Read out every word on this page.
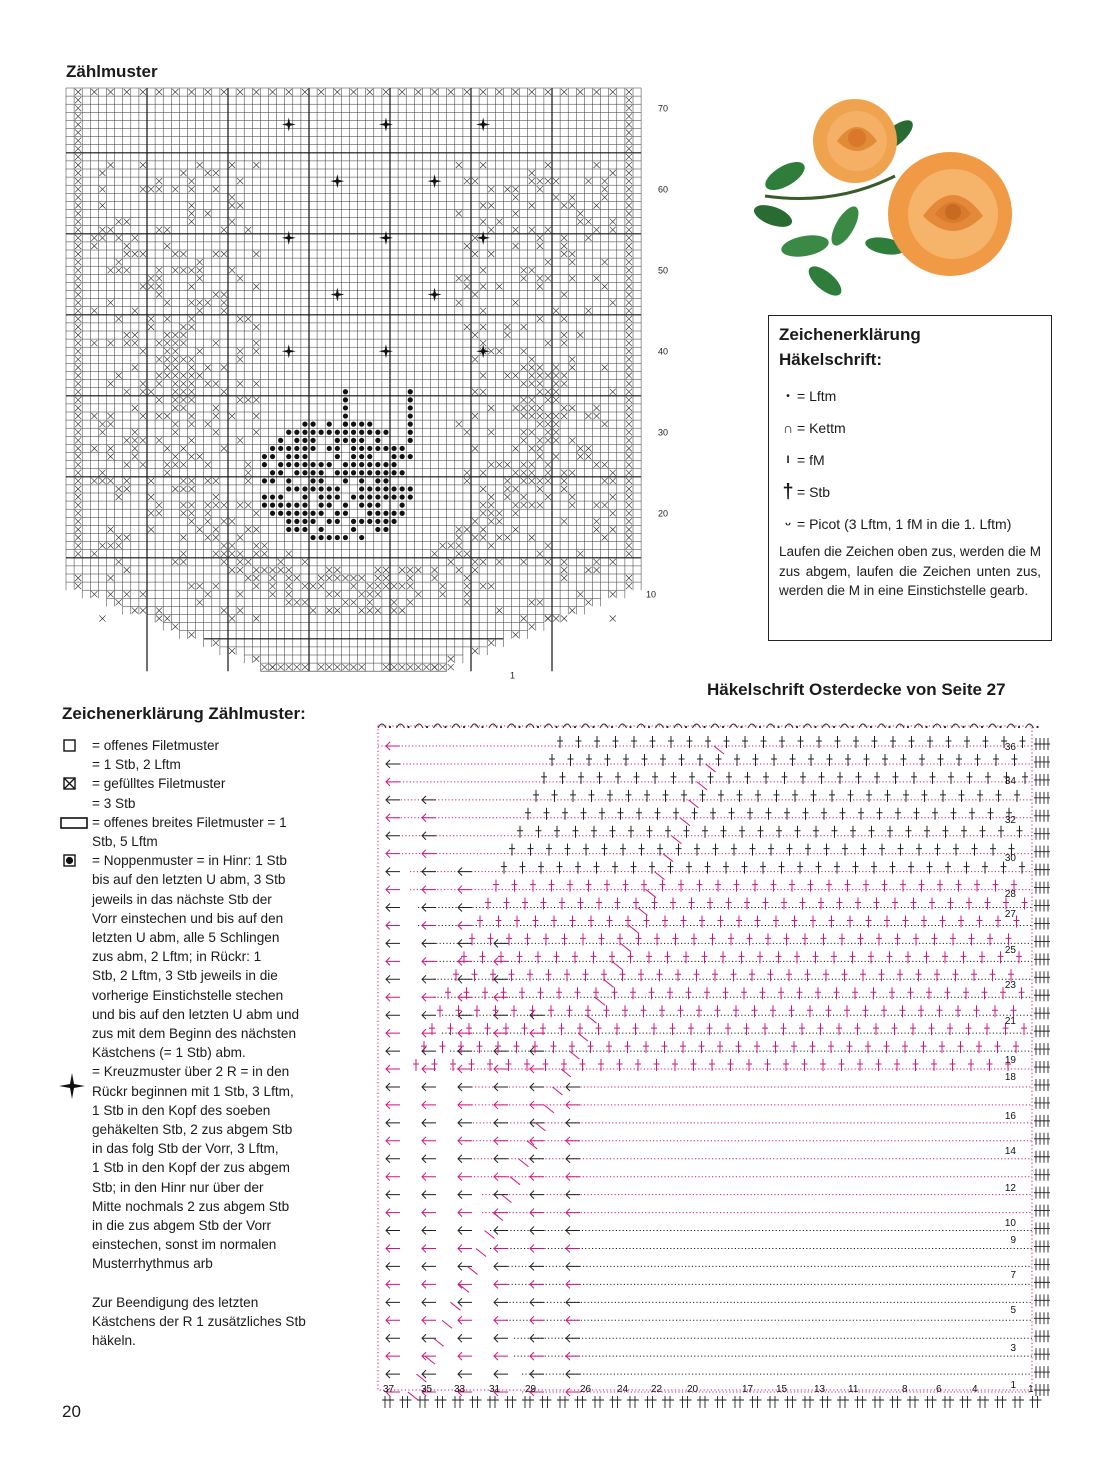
Zählmuster
70
60
50
40
30
20
10
1
Zeichenerklärung
Häkelschrift:
• = Lftm
∩ = Kettm
I = fM
† = Stb
ᵕ = Picot (3 Lftm, 1 fM in die 1. Lftm)
Laufen die Zeichen oben zus, werden die M zus abgem, laufen die Zeichen unten zus, werden die M in eine Einstichstelle gearb.
Häkelschrift Osterdecke von Seite 27
Zeichenerklärung Zählmuster:
= offenes Filetmuster
= 1 Stb, 2 Lftm
= gefülltes Filetmuster
= 3 Stb
= offenes breites Filetmuster = 1
Stb, 5 Lftm
= Noppenmuster = in Hinr: 1 Stb
bis auf den letzten U abm, 3 Stb
jeweils in das nächste Stb der
Vorr einstechen und bis auf den
letzten U abm, alle 5 Schlingen
zus abm, 2 Lftm; in Rückr: 1
Stb, 2 Lftm, 3 Stb jeweils in die
vorherige Einstichstelle stechen
und bis auf den letzten U abm und
zus mit dem Beginn des nächsten
Kästchens (= 1 Stb) abm.
= Kreuzmuster über 2 R = in den
Rückr beginnen mit 1 Stb, 3 Lftm,
1 Stb in den Kopf des soeben
gehäkelten Stb, 2 zus abgem Stb
in das folg Stb der Vorr, 3 Lftm,
1 Stb in den Kopf der zus abgem
Stb; in den Hinr nur über der
Mitte nochmals 2 zus abgem Stb
in die zus abgem Stb der Vorr
einstechen, sonst im normalen
Musterrhythmus arb
Zur Beendigung des letzten
Kästchens der R 1 zusätzliches Stb
häkeln.
36
34
32
30
28
27
25
23
21
19
18
16
14
12
10
9
7
5
3
1
37	35 33 31 29	26	24 22 20	17 15	13 11	8	6	4	1
20
